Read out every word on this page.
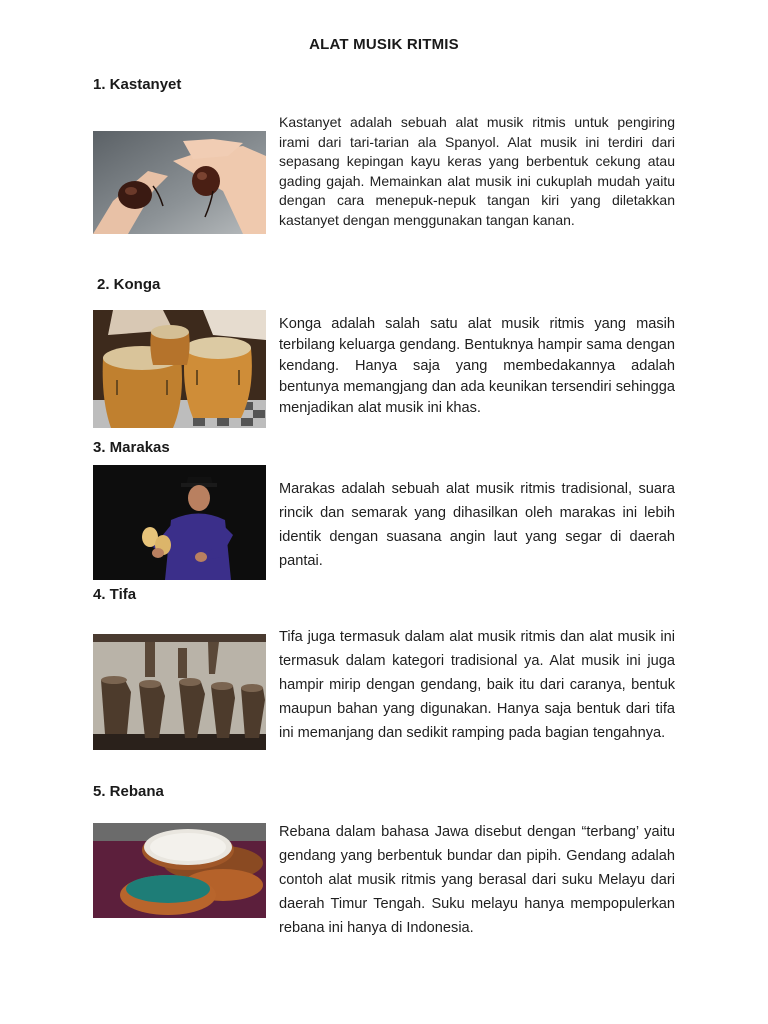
ALAT MUSIK RITMIS
1. Kastanyet
Kastanyet adalah sebuah alat musik ritmis untuk pengiring irami dari tari-tarian ala Spanyol. Alat musik ini terdiri dari sepasang kepingan kayu keras yang berbentuk cekung atau gading gajah. Memainkan alat musik ini cukuplah mudah yaitu dengan cara menepuk-nepuk tangan kiri yang diletakkan kastanyet dengan menggunakan tangan kanan.
2. Konga
Konga adalah salah satu alat musik ritmis yang masih terbilang keluarga gendang. Bentuknya hampir sama dengan kendang. Hanya saja yang membedakannya adalah bentunya memangjang dan ada keunikan tersendiri sehingga menjadikan alat musik ini khas.
3. Marakas
Marakas adalah sebuah alat musik ritmis tradisional, suara rincik dan semarak yang dihasilkan oleh marakas ini lebih identik dengan suasana angin laut yang segar di daerah pantai.
4. Tifa
Tifa juga termasuk dalam alat musik ritmis dan alat musik ini termasuk dalam kategori tradisional ya. Alat musik ini juga hampir mirip dengan gendang, baik itu dari caranya, bentuk maupun bahan yang digunakan. Hanya saja bentuk dari tifa ini memanjang dan sedikit ramping pada bagian tengahnya.
5. Rebana
Rebana dalam bahasa Jawa disebut dengan “terbang’ yaitu gendang yang berbentuk bundar dan pipih. Gendang adalah contoh alat musik ritmis yang berasal dari suku Melayu dari daerah Timur Tengah. Suku melayu hanya mempopulerkan rebana ini hanya di Indonesia.
